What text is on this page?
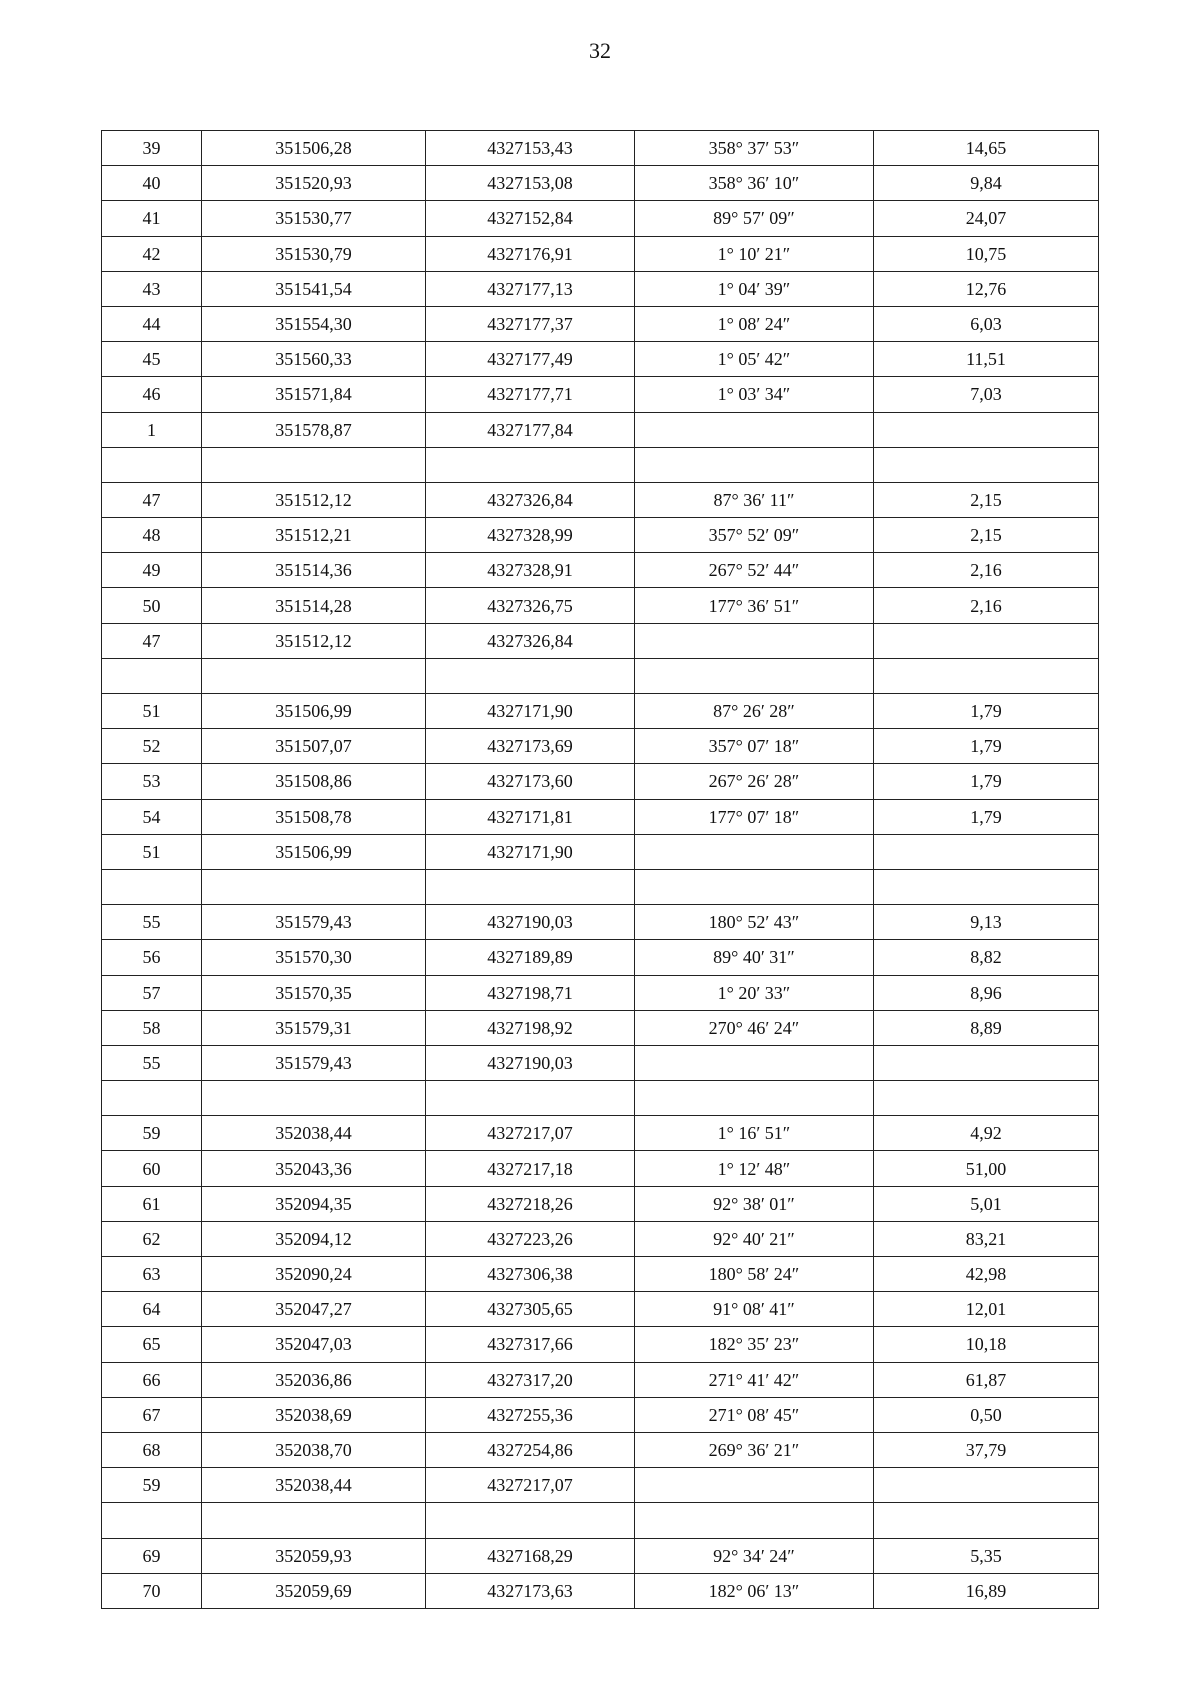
32
39	351506,28	4327153,43	358° 37′ 53″	14,65
40	351520,93	4327153,08	358° 36′ 10″	9,84
41	351530,77	4327152,84	89° 57′ 09″	24,07
42	351530,79	4327176,91	1° 10′ 21″	10,75
43	351541,54	4327177,13	1° 04′ 39″	12,76
44	351554,30	4327177,37	1° 08′ 24″	6,03
45	351560,33	4327177,49	1° 05′ 42″	11,51
46	351571,84	4327177,71	1° 03′ 34″	7,03
1	351578,87	4327177,84		

47	351512,12	4327326,84	87° 36′ 11″	2,15
48	351512,21	4327328,99	357° 52′ 09″	2,15
49	351514,36	4327328,91	267° 52′ 44″	2,16
50	351514,28	4327326,75	177° 36′ 51″	2,16
47	351512,12	4327326,84		

51	351506,99	4327171,90	87° 26′ 28″	1,79
52	351507,07	4327173,69	357° 07′ 18″	1,79
53	351508,86	4327173,60	267° 26′ 28″	1,79
54	351508,78	4327171,81	177° 07′ 18″	1,79
51	351506,99	4327171,90		

55	351579,43	4327190,03	180° 52′ 43″	9,13
56	351570,30	4327189,89	89° 40′ 31″	8,82
57	351570,35	4327198,71	1° 20′ 33″	8,96
58	351579,31	4327198,92	270° 46′ 24″	8,89
55	351579,43	4327190,03		

59	352038,44	4327217,07	1° 16′ 51″	4,92
60	352043,36	4327217,18	1° 12′ 48″	51,00
61	352094,35	4327218,26	92° 38′ 01″	5,01
62	352094,12	4327223,26	92° 40′ 21″	83,21
63	352090,24	4327306,38	180° 58′ 24″	42,98
64	352047,27	4327305,65	91° 08′ 41″	12,01
65	352047,03	4327317,66	182° 35′ 23″	10,18
66	352036,86	4327317,20	271° 41′ 42″	61,87
67	352038,69	4327255,36	271° 08′ 45″	0,50
68	352038,70	4327254,86	269° 36′ 21″	37,79
59	352038,44	4327217,07		

69	352059,93	4327168,29	92° 34′ 24″	5,35
70	352059,69	4327173,63	182° 06′ 13″	16,89
